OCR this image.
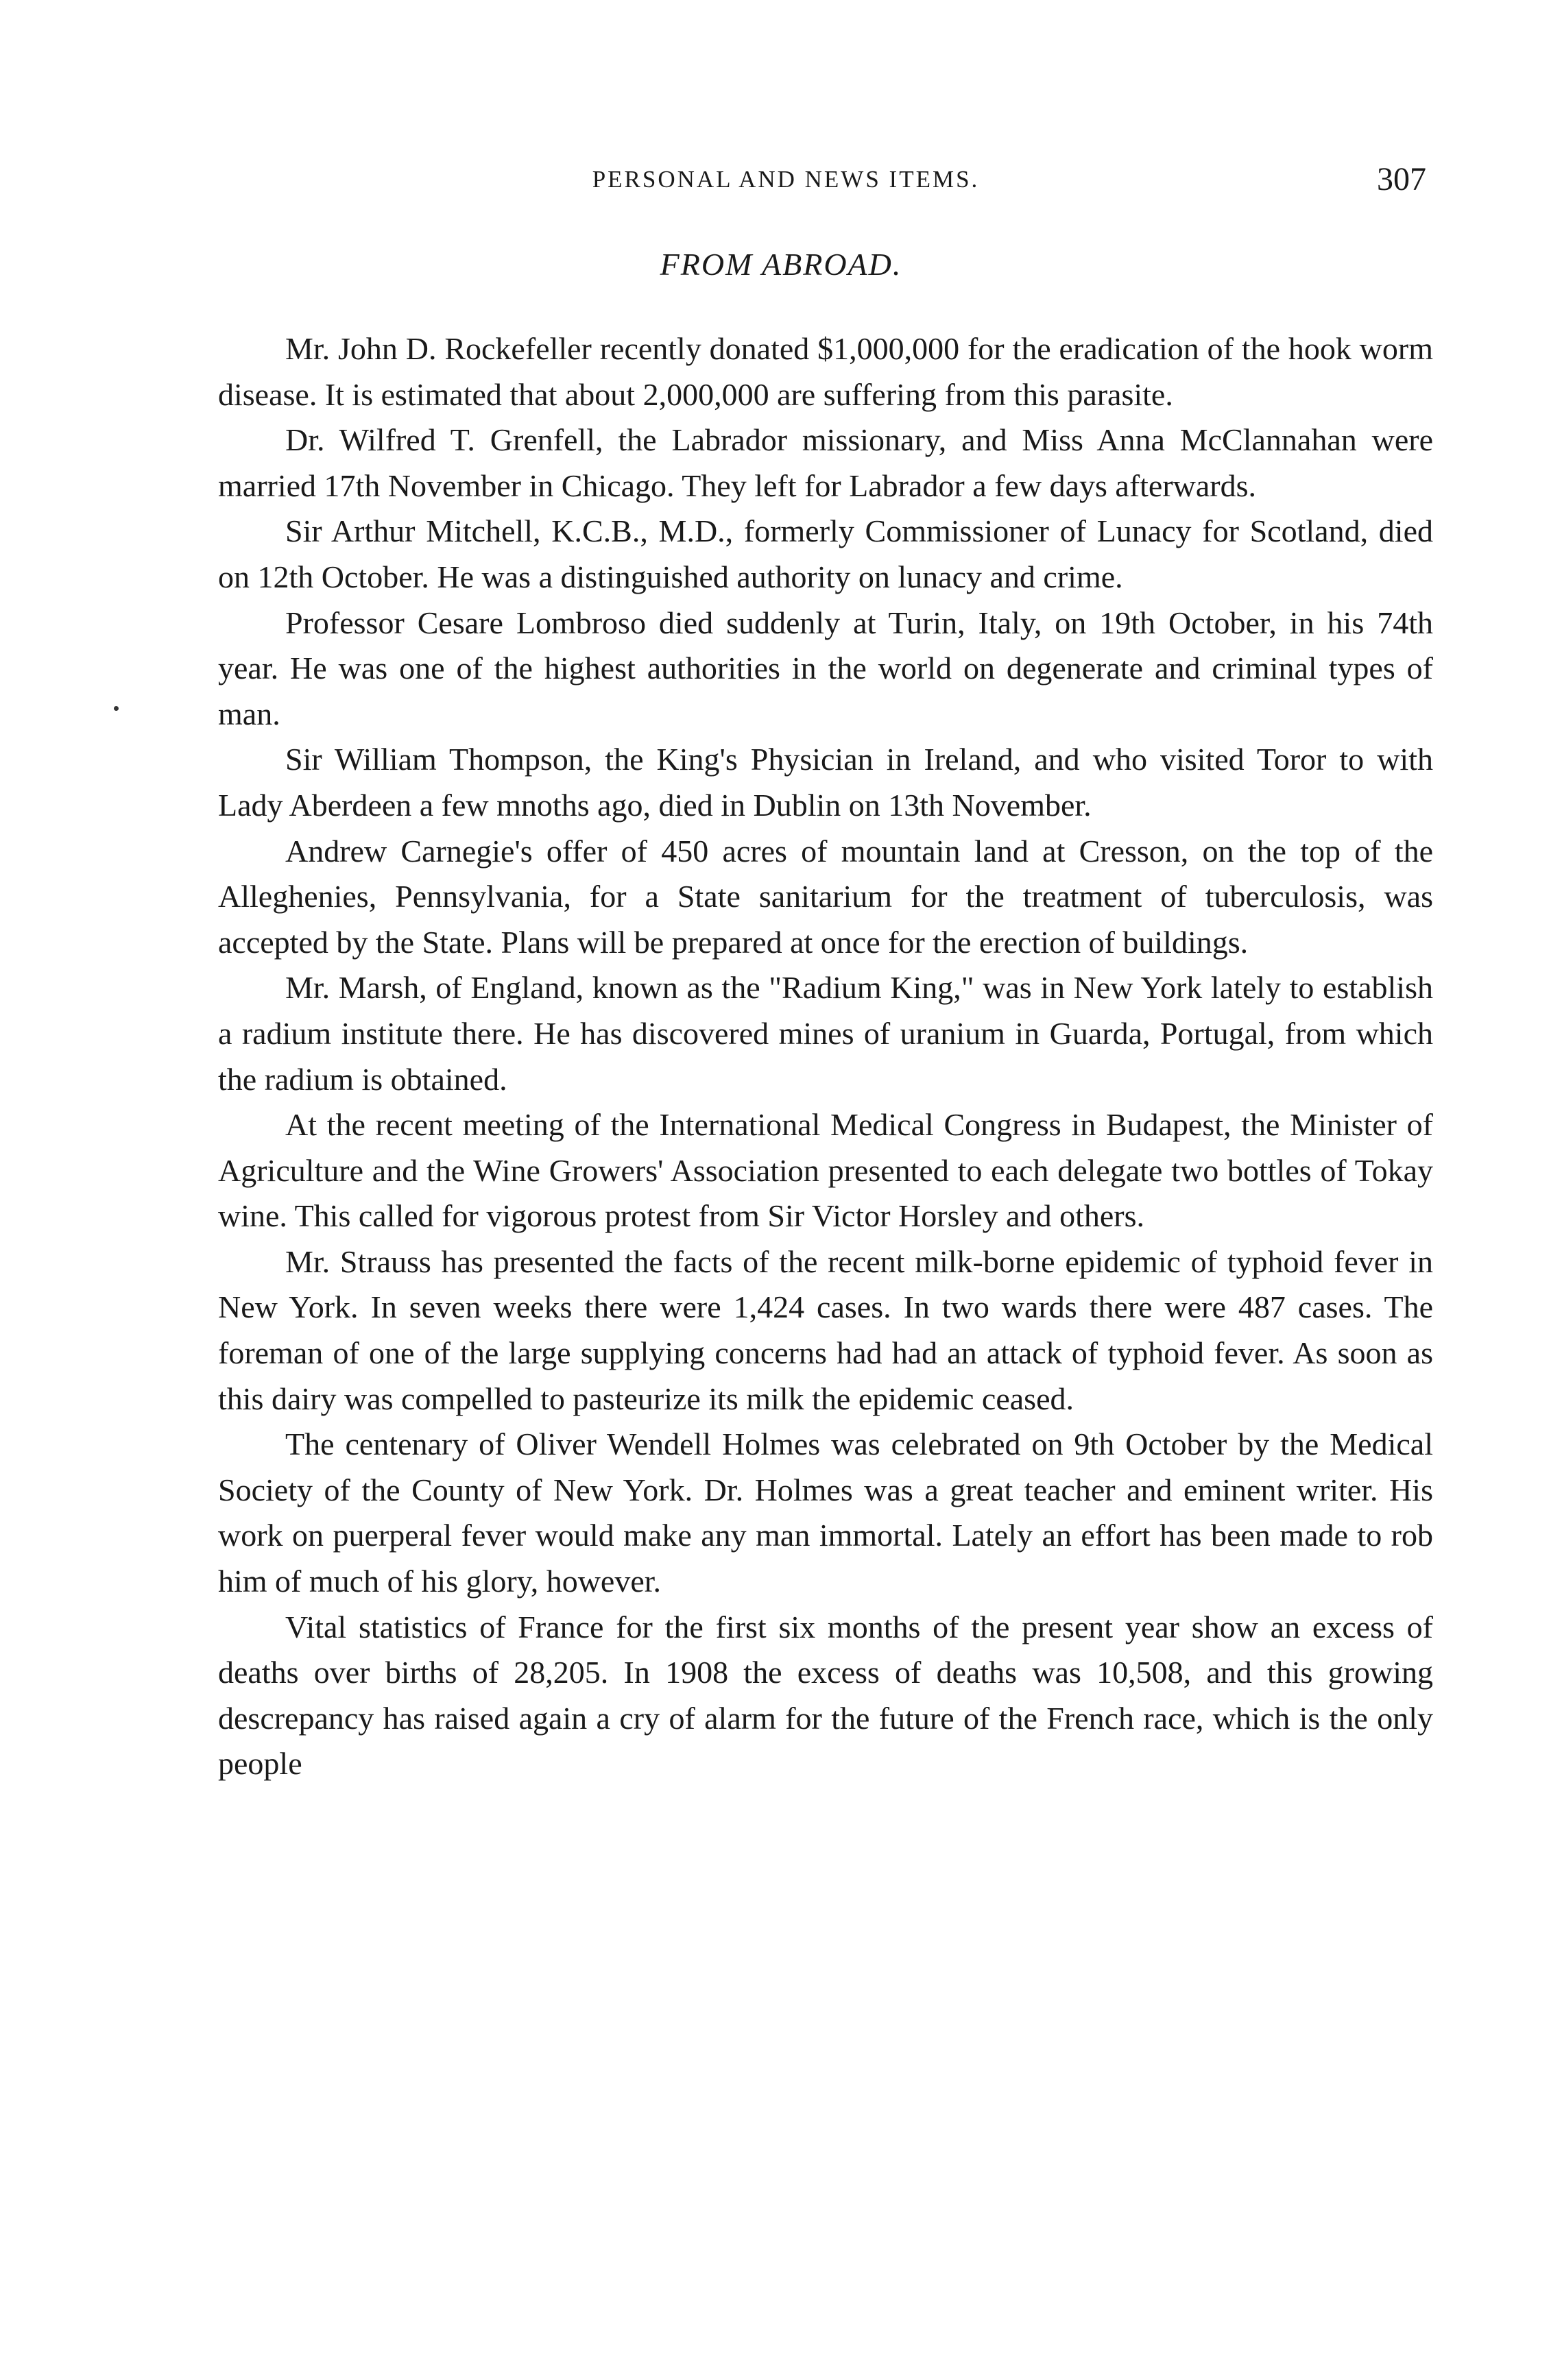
PERSONAL AND NEWS ITEMS.	307
FROM ABROAD.

Mr. John D. Rockefeller recently donated $1,000,000 for the eradication of the hook worm disease. It is estimated that about 2,000,000 are suffering from this parasite.

Dr. Wilfred T. Grenfell, the Labrador missionary, and Miss Anna McClannahan were married 17th November in Chicago. They left for Labrador a few days afterwards.

Sir Arthur Mitchell, K.C.B., M.D., formerly Commissioner of Lunacy for Scotland, died on 12th October. He was a distinguished authority on lunacy and crime.

Professor Cesare Lombroso died suddenly at Turin, Italy, on 19th October, in his 74th year. He was one of the highest authorities in the world on degenerate and criminal types of man.

Sir William Thompson, the King's Physician in Ireland, and who visited Toror to with Lady Aberdeen a few mnoths ago, died in Dublin on 13th November.

Andrew Carnegie's offer of 450 acres of mountain land at Cresson, on the top of the Alleghenies, Pennsylvania, for a State sanitarium for the treatment of tuberculosis, was accepted by the State. Plans will be prepared at once for the erection of buildings.

Mr. Marsh, of England, known as the "Radium King," was in New York lately to establish a radium institute there. He has discovered mines of uranium in Guarda, Portugal, from which the radium is obtained.

At the recent meeting of the International Medical Congress in Budapest, the Minister of Agriculture and the Wine Growers' Association presented to each delegate two bottles of Tokay wine. This called for vigorous protest from Sir Victor Horsley and others.

Mr. Strauss has presented the facts of the recent milk-borne epidemic of typhoid fever in New York. In seven weeks there were 1,424 cases. In two wards there were 487 cases. The foreman of one of the large supplying concerns had had an attack of typhoid fever. As soon as this dairy was compelled to pasteurize its milk the epidemic ceased.

The centenary of Oliver Wendell Holmes was celebrated on 9th October by the Medical Society of the County of New York. Dr. Holmes was a great teacher and eminent writer. His work on puerperal fever would make any man immortal. Lately an effort has been made to rob him of much of his glory, however.

Vital statistics of France for the first six months of the present year show an excess of deaths over births of 28,205. In 1908 the excess of deaths was 10,508, and this growing descrepancy has raised again a cry of alarm for the future of the French race, which is the only people
